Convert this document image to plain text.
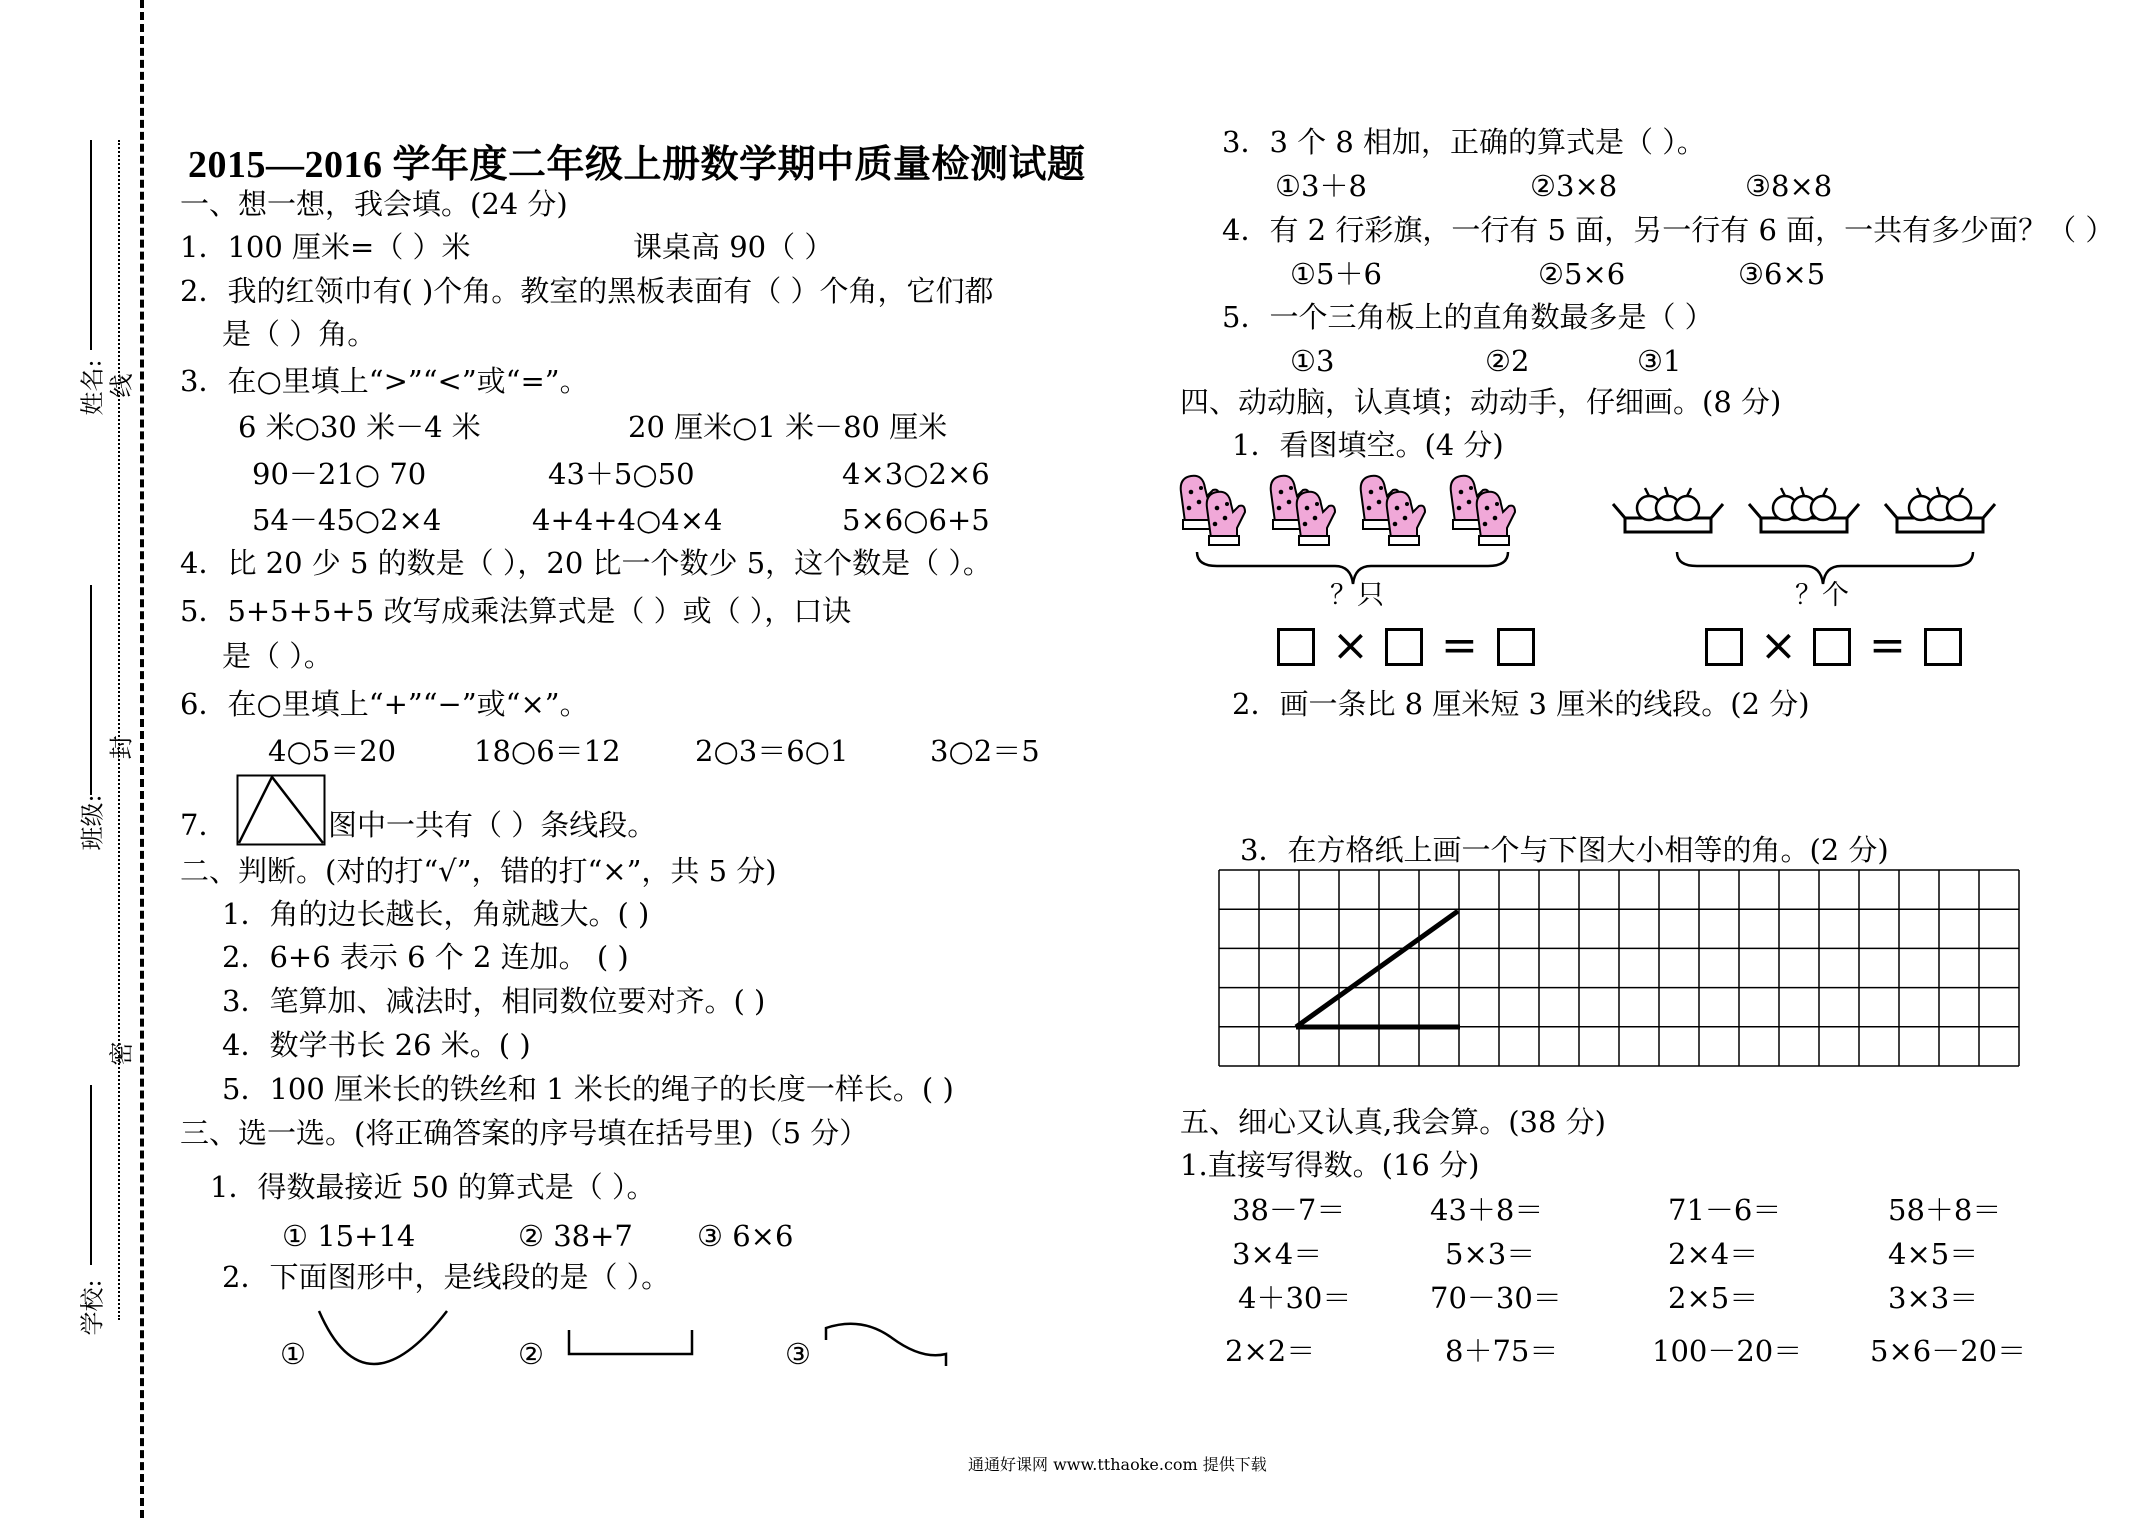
姓名:
班级:
学校:
线
封
密
2015—2016 学年度二年级上册数学期中质量检测试题
一、想一想，我会填。(24 分)
1．100 厘米=（ ）米	课桌高 90（ ）
2．我的红领巾有( )个角。教室的黑板表面有（ ）个角，它们都
是（ ）角。
3．在○里填上“>”“<”或“=”。
6 米○30 米－4 米	20 厘米○1 米－80 厘米
90－21○ 70	43＋5○50	4×3○2×6
54－45○2×4	4+4+4○4×4	5×6○6+5
4．比 20 少 5 的数是（ ），20 比一个数少 5，这个数是（ ）。
5．5+5+5+5 改写成乘法算式是（ ）或（ ），口诀
是（ ）。
6．在○里填上“+”“−”或“×”。
4○5＝20	18○6＝12	2○3＝6○1	3○2＝5
7．	图中一共有（ ）条线段。
二、判断。(对的打“√”，错的打“×”，共 5 分)
1．角的边长越长，角就越大。( )
2．6+6 表示 6 个 2 连加。 ( )
3．笔算加、减法时，相同数位要对齐。( )
4．数学书长 26 米。( )
5．100 厘米长的铁丝和 1 米长的绳子的长度一样长。( )
三、选一选。(将正确答案的序号填在括号里)（5 分）
1．得数最接近 50 的算式是（ ）。
① 15+14	② 38+7 ③ 6×6
2．下面图形中，是线段的是（ ）。
①	②	③
3．3 个 8 相加，正确的算式是（ ）。
①3＋8	②3×8	③8×8
4．有 2 行彩旗，一行有 5 面，另一行有 6 面，一共有多少面？（ ）
①5＋6	②5×6	③6×5
5．一个三角板上的直角数最多是（ ）
①3	②2	③1
四、动动脑，认真填；动动手，仔细画。(8 分)
1．看图填空。(4 分)
？只	？个
× =	× =
2．画一条比 8 厘米短 3 厘米的线段。(2 分)
3．在方格纸上画一个与下图大小相等的角。(2 分)
五、细心又认真,我会算。(38 分)
1.直接写得数。(16 分)
38－7＝	43＋8＝	71－6＝	58＋8＝
3×4＝	5×3＝	2×4＝	4×5＝
4＋30＝	70－30＝	2×5＝	3×3＝
2×2＝	8＋75＝	100－20＝ 5×6－20＝
通通好课网 www.tthaoke.com 提供下载
